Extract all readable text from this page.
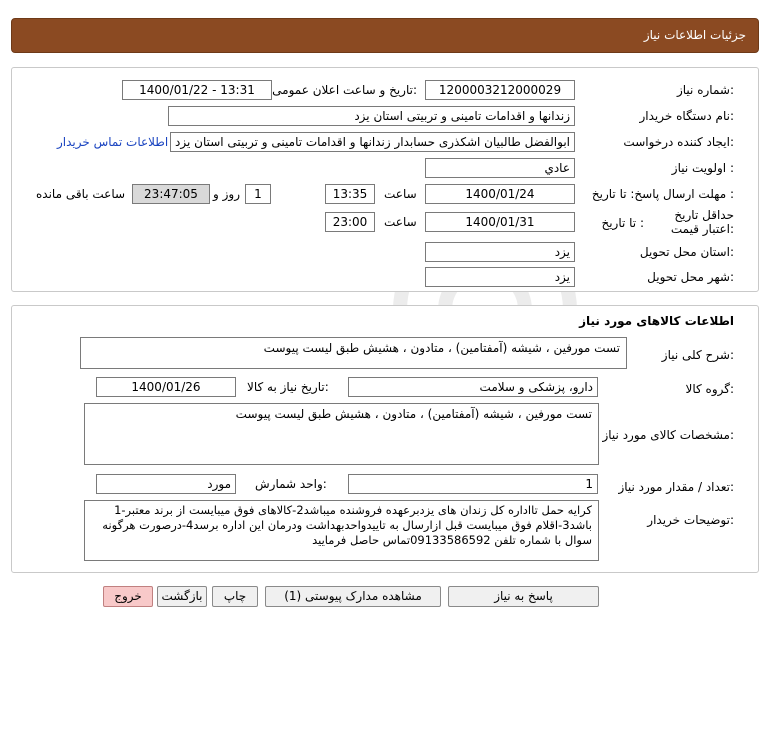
جزئیات اطلاعات نیاز
شماره نیاز:
1200003212000029
تاریخ و ساعت اعلان عمومی:
1400/01/22 - 13:31
نام دستگاه خریدار:
زندانها و اقدامات تامینی و تربیتی استان یزد
ایجاد کننده درخواست:
ابوالفضل طالبیان اشکذری حسابدار زندانها و اقدامات تامینی و تربیتی استان یزد
اطلاعات تماس خریدار
اولویت نیاز :
عادي
مهلت ارسال پاسخ: تا تاریخ :
1400/01/24
ساعت
13:35
1
روز و
23:47:05
ساعت باقی مانده
حداقل تاریخ اعتبار قیمت:
تا تاریخ :
1400/01/31
ساعت
23:00
استان محل تحویل:
یزد
شهر محل تحویل:
یزد
اطلاعات کالاهای مورد نیاز
شرح کلی نیاز:
تست مورفین ، شیشه (آمفتامین) ، متادون ، هشیش طبق لیست پیوست
گروه کالا:
دارو، پزشکی و سلامت
تاریخ نیاز به کالا:
1400/01/26
مشخصات کالای مورد نیاز:
تست مورفین ، شیشه (آمفتامین) ، متادون ، هشیش طبق لیست پیوست
تعداد / مقدار مورد نیاز:
1
واحد شمارش:
مورد
توضیحات خریدار:
1-کرایه حمل تااداره کل زندان های یزدبرعهده فروشنده میباشد2-کالاهای فوق میبایست از برند معتبر باشد3-اقلام فوق میبایست قبل ازارسال به تاییدواحدبهداشت ودرمان این اداره برسد4-درصورت هرگونه سوال با شماره تلفن 09133586592تماس حاصل فرمایید
پاسخ به نیاز
مشاهده مدارک پیوستی (1)
چاپ
بازگشت
خروج
